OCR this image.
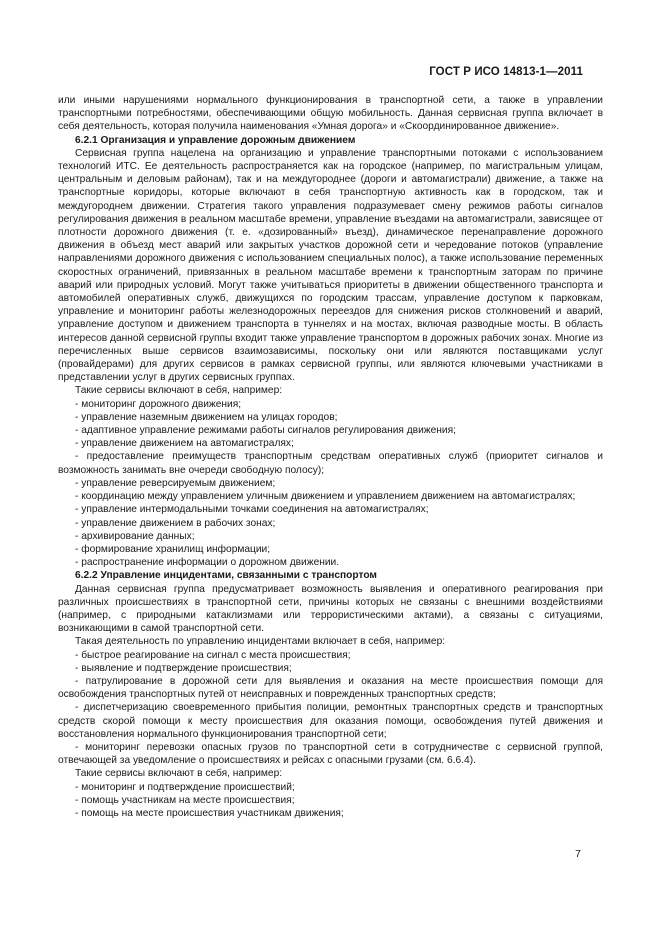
ГОСТ Р ИСО 14813-1—2011

или иными нарушениями нормального функционирования в транспортной сети, а также в управлении транспортными потребностями, обеспечивающими общую мобильность. Данная сервисная группа включает в себя деятельность, которая получила наименования «Умная дорога» и «Скоординированное движение».

6.2.1 Организация и управление дорожным движением

Сервисная группа нацелена на организацию и управление транспортными потоками с использованием технологий ИТС. Ее деятельность распространяется как на городское (например, по магистральным улицам, центральным и деловым районам), так и на междугороднее (дороги и автомагистрали) движение, а также на транспортные коридоры, которые включают в себя транспортную активность как в городском, так и междугороднем движении. Стратегия такого управления подразумевает смену режимов работы сигналов регулирования движения в реальном масштабе времени, управление въездами на автомагистрали, зависящее от плотности дорожного движения (т. е. «дозированный» въезд), динамическое перенаправление дорожного движения в объезд мест аварий или закрытых участков дорожной сети и чередование потоков (управление направлениями дорожного движения с использованием специальных полос), а также использование переменных скоростных ограничений, привязанных в реальном масштабе времени к транспортным заторам по причине аварий или природных условий. Могут также учитываться приоритеты в движении общественного транспорта и автомобилей оперативных служб, движущихся по городским трассам, управление доступом к парковкам, управление и мониторинг работы железнодорожных переездов для снижения рисков столкновений и аварий, управление доступом и движением транспорта в туннелях и на мостах, включая разводные мосты. В область интересов данной сервисной группы входит также управление транспортом в дорожных рабочих зонах. Многие из перечисленных выше сервисов взаимозависимы, поскольку они или являются поставщиками услуг (провайдерами) для других сервисов в рамках сервисной группы, или являются ключевыми участниками в представлении услуг в других сервисных группах.

Такие сервисы включают в себя, например:

- мониторинг дорожного движения;

- управление наземным движением на улицах городов;

- адаптивное управление режимами работы сигналов регулирования движения;

- управление движением на автомагистралях;

- предоставление преимуществ транспортным средствам оперативных служб (приоритет сигналов и возможность занимать вне очереди свободную полосу);

- управление реверсируемым движением;

- координацию между управлением уличным движением и управлением движением на автомагистралях;

- управление интермодальными точками соединения на автомагистралях;

- управление движением в рабочих зонах;

- архивирование данных;

- формирование хранилищ информации;

- распространение информации о дорожном движении.

6.2.2 Управление инцидентами, связанными с транспортом

Данная сервисная группа предусматривает возможность выявления и оперативного реагирования при различных происшествиях в транспортной сети, причины которых не связаны с внешними воздействиями (например, с природными катаклизмами или террористическими актами), а связаны с ситуациями, возникающими в самой транспортной сети.

Такая деятельность по управлению инцидентами включает в себя, например:

- быстрое реагирование на сигнал с места происшествия;

- выявление и подтверждение происшествия;

- патрулирование в дорожной сети для выявления и оказания на месте происшествия помощи для освобождения транспортных путей от неисправных и поврежденных транспортных средств;

- диспетчеризацию своевременного прибытия полиции, ремонтных транспортных средств и транспортных средств скорой помощи к месту происшествия для оказания помощи, освобождения путей движения и восстановления нормального функционирования транспортной сети;

- мониторинг перевозки опасных грузов по транспортной сети в сотрудничестве с сервисной группой, отвечающей за уведомление о происшествиях и рейсах с опасными грузами (см. 6.6.4).

Такие сервисы включают в себя, например:

- мониторинг и подтверждение происшествий;

- помощь участникам на месте происшествия;

- помощь на месте происшествия участникам движения;

7
